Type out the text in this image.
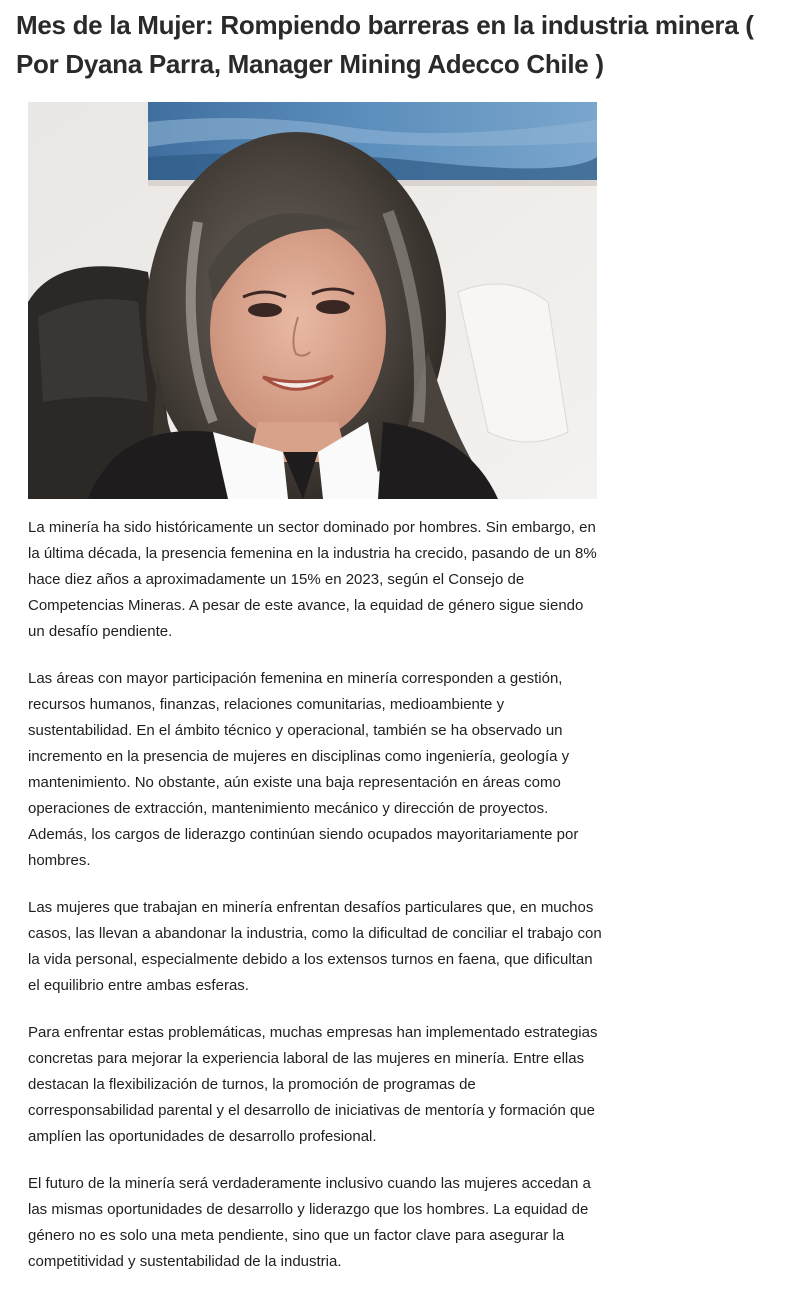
Mes de la Mujer: Rompiendo barreras en la industria minera ( Por Dyana Parra, Manager Mining Adecco Chile )

La minería ha sido históricamente un sector dominado por hombres. Sin embargo, en la última década, la presencia femenina en la industria ha crecido, pasando de un 8% hace diez años a aproximadamente un 15% en 2023, según el Consejo de Competencias Mineras. A pesar de este avance, la equidad de género sigue siendo un desafío pendiente.

Las áreas con mayor participación femenina en minería corresponden a gestión, recursos humanos, finanzas, relaciones comunitarias, medioambiente y sustentabilidad. En el ámbito técnico y operacional, también se ha observado un incremento en la presencia de mujeres en disciplinas como ingeniería, geología y mantenimiento. No obstante, aún existe una baja representación en áreas como operaciones de extracción, mantenimiento mecánico y dirección de proyectos. Además, los cargos de liderazgo continúan siendo ocupados mayoritariamente por hombres.

Las mujeres que trabajan en minería enfrentan desafíos particulares que, en muchos casos, las llevan a abandonar la industria, como la dificultad de conciliar el trabajo con la vida personal, especialmente debido a los extensos turnos en faena, que dificultan el equilibrio entre ambas esferas.

Para enfrentar estas problemáticas, muchas empresas han implementado estrategias concretas para mejorar la experiencia laboral de las mujeres en minería. Entre ellas destacan la flexibilización de turnos, la promoción de programas de corresponsabilidad parental y el desarrollo de iniciativas de mentoría y formación que amplíen las oportunidades de desarrollo profesional.

El futuro de la minería será verdaderamente inclusivo cuando las mujeres accedan a las mismas oportunidades de desarrollo y liderazgo que los hombres. La equidad de género no es solo una meta pendiente, sino que un factor clave para asegurar la competitividad y sustentabilidad de la industria.
